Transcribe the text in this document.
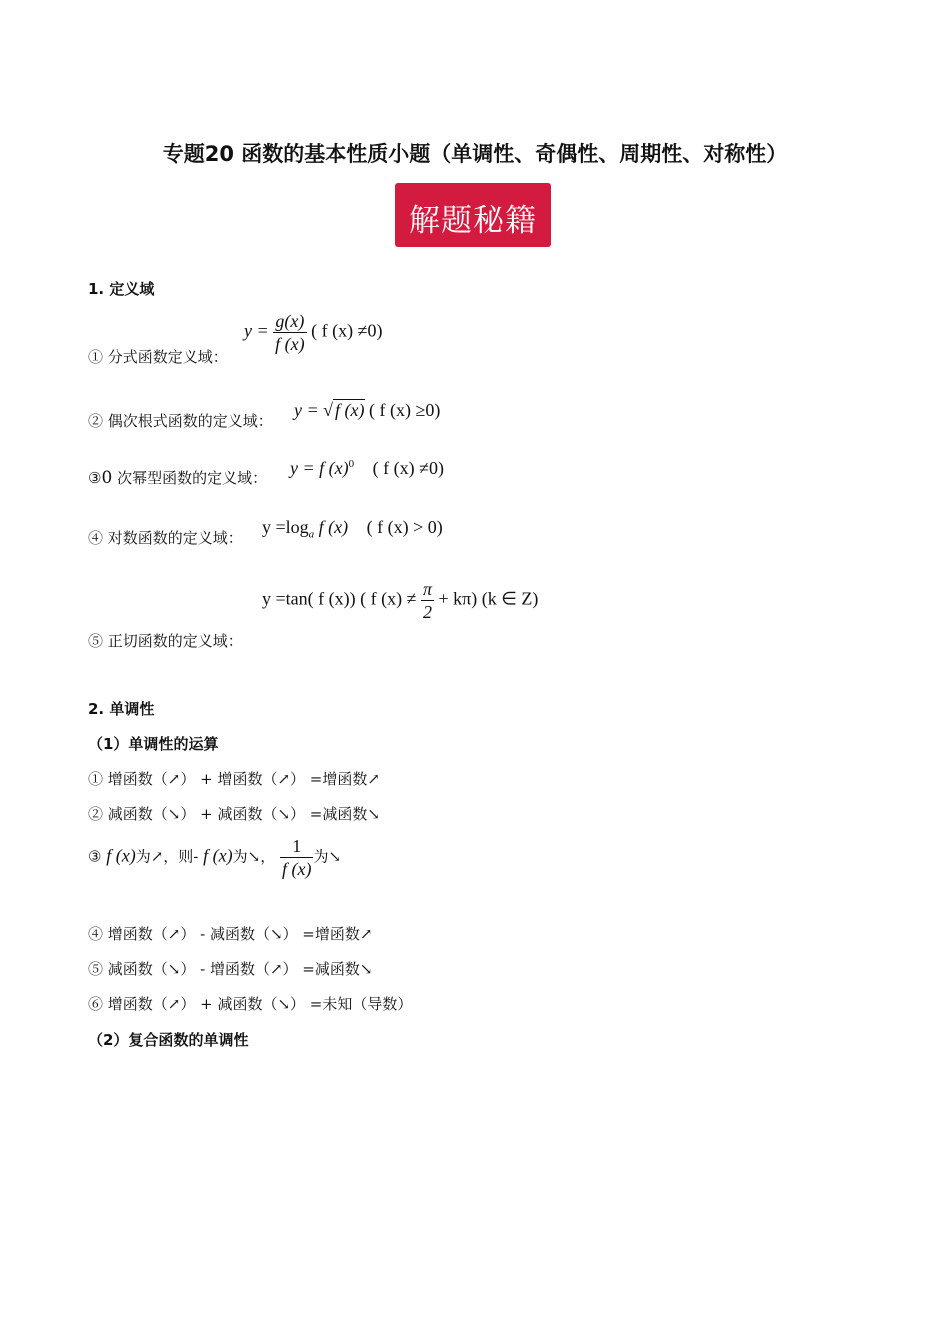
专题20 函数的基本性质小题（单调性、奇偶性、周期性、对称性）
解题秘籍
1. 定义域
① 分式函数定义域：
$y = \frac{g(x)}{f (x)}$ ( f (x) ≠0)
② 偶次根式函数的定义域：
y = √ f (x) ( f (x) ≥0)
③0 次幂型函数的定义域： y = f $(x)^0$ ( f (x) ≠0)
④ 对数函数的定义域：
$y =\log_a$ f (x) ( f (x) > 0)
y =tan( f (x)) ( f $(x) \ne \frac{\pi}{2} + k\pi$) (k ∈ Z)
⑤ 正切函数的定义域：
2. 单调性
（1）单调性的运算
① 增函数（↗） + 增函数（↗） =增函数↗
② 减函数（↘） + 减函数（↘） =减函数↘
③ f (x)为↗，则- f (x)为↘， $\frac{1}{f (x)}$ 为↘
④ 增函数（↗） - 减函数（↘） =增函数↗
⑤ 减函数（↘） - 增函数（↗） =减函数↘
⑥ 增函数（↗） + 减函数（↘） =未知（导数）
（2）复合函数的单调性
